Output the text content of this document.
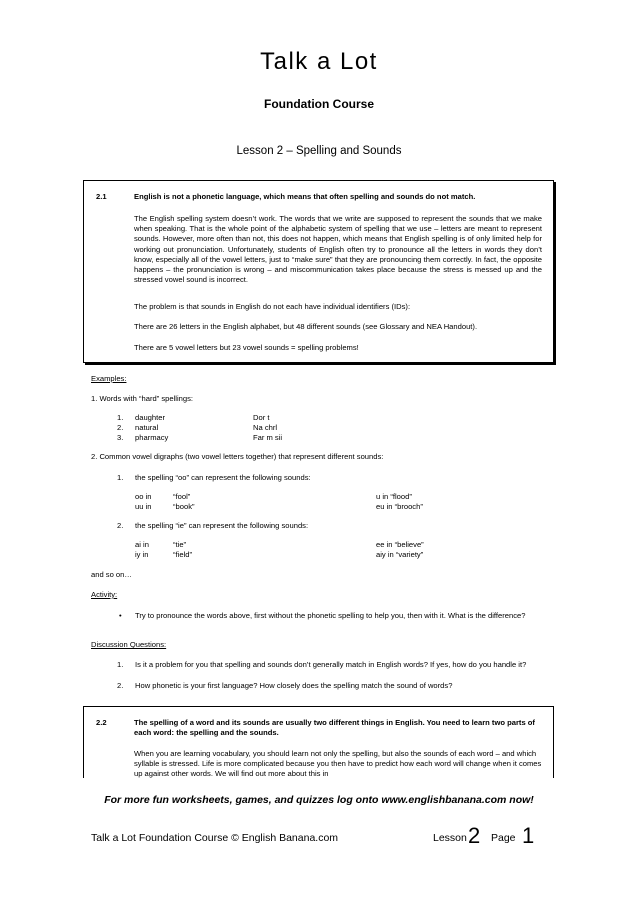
Talk a Lot
Foundation Course
Lesson 2 – Spelling and Sounds
2.1	English is not a phonetic language, which means that often spelling and sounds do not match.
The English spelling system doesn’t work. The words that we write are supposed to represent the sounds that we make when speaking. That is the whole point of the alphabetic system of spelling that we use – letters are meant to represent sounds. However, more often than not, this does not happen, which means that English spelling is of only limited help for working out pronunciation. Unfortunately, students of English often try to pronounce all the letters in words they don’t know, especially all of the vowel letters, just to “make sure” that they are pronouncing them correctly. In fact, the opposite happens – the pronunciation is wrong – and miscommunication takes place because the stress is messed up and the stressed vowel sound is incorrect.
The problem is that sounds in English do not each have individual identifiers (IDs):
There are 26 letters in the English alphabet, but 48 different sounds (see Glossary and NEA Handout).
There are 5 vowel letters but 23 vowel sounds = spelling problems!
Examples:
1. Words with “hard” spellings:
1. daughter	Dor t
2. natural	Na chrl
3. pharmacy	Far m sii
2. Common vowel digraphs (two vowel letters together) that represent different sounds:
1. the spelling “oo” can represent the following sounds:
oo in	“fool”	u in “flood”
uu in	“book”	eu in “brooch”
2. the spelling “ie” can represent the following sounds:
ai in	“tie”	ee in “believe”
iy in	“field”	aiy in “variety”
and so on…
Activity:
• Try to pronounce the words above, first without the phonetic spelling to help you, then with it. What is the difference?
Discussion Questions:
1. Is it a problem for you that spelling and sounds don’t generally match in English words? If yes, how do you handle it?
2. How phonetic is your first language? How closely does the spelling match the sound of words?
2.2	The spelling of a word and its sounds are usually two different things in English. You need to learn two parts of each word: the spelling and the sounds.
When you are learning vocabulary, you should learn not only the spelling, but also the sounds of each word – and which syllable is stressed. Life is more complicated because you then have to predict how each word will change when it comes up against other words. We will find out more about this in
For more fun worksheets, games, and quizzes log onto www.englishbanana.com now!
Talk a Lot Foundation Course © English Banana.com	Lesson 2 Page 1
